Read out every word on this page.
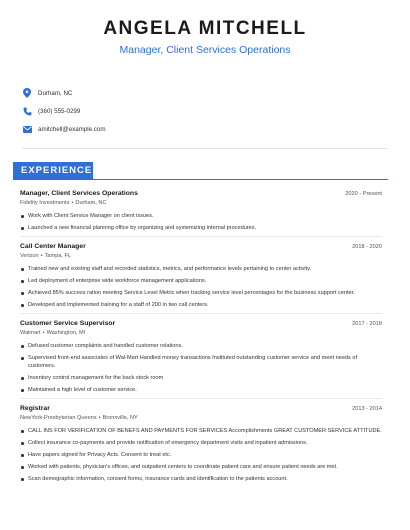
ANGELA MITCHELL
Manager, Client Services Operations
Durham, NC
(360) 555-0299
amitchell@example.com
EXPERIENCE
Manager, Client Services Operations	2020 - Present
Fidelity Investments • Durham, NC
Work with Client Service Manager on client issues.
Launched a new financial planning office by organizing and systemizing internal procedures.
Call Center Manager	2018 - 2020
Verizon • Tampa, FL
Trained new and existing staff and recorded statistics, metrics, and performance levels pertaining to center activity.
Led deployment of enterprise wide workforce management applications.
Achieved 85% success ration meeting Service Level Metric when tracking service level percentages for the business support center.
Developed and implemented training for a staff of 200 in two call centers.
Customer Service Supervisor	2017 - 2018
Walmart • Washington, MI
Defused customer complaints and handled customer relations.
Supervised front-end associates of Wal-Mart Handled money transactions Instituted outstanding customer service and meet needs of customers.
Inventory control management for the back stock room
Maintained a high level of customer service.
Registrar	2013 - 2014
NewYork-Presbyterian Queens • Bronxville, NY
CALL INS FOR VERIFICATION OF BENEFS AND PAYMENTS FOR SERVICES Accomplishments GREAT CUSTOMER SERVICE ATTITUDE.
Collect insurance co-payments and provide notification of emergency department visits and inpatient admissions.
Have papers signed for Privacy Acts. Consent to treat etc.
Worked with patients, physician's offices, and outpatient centers to coordinate patient care and ensure patient needs are met.
Scan demographic information, consent forms, insurance cards and identification to the patients account.
